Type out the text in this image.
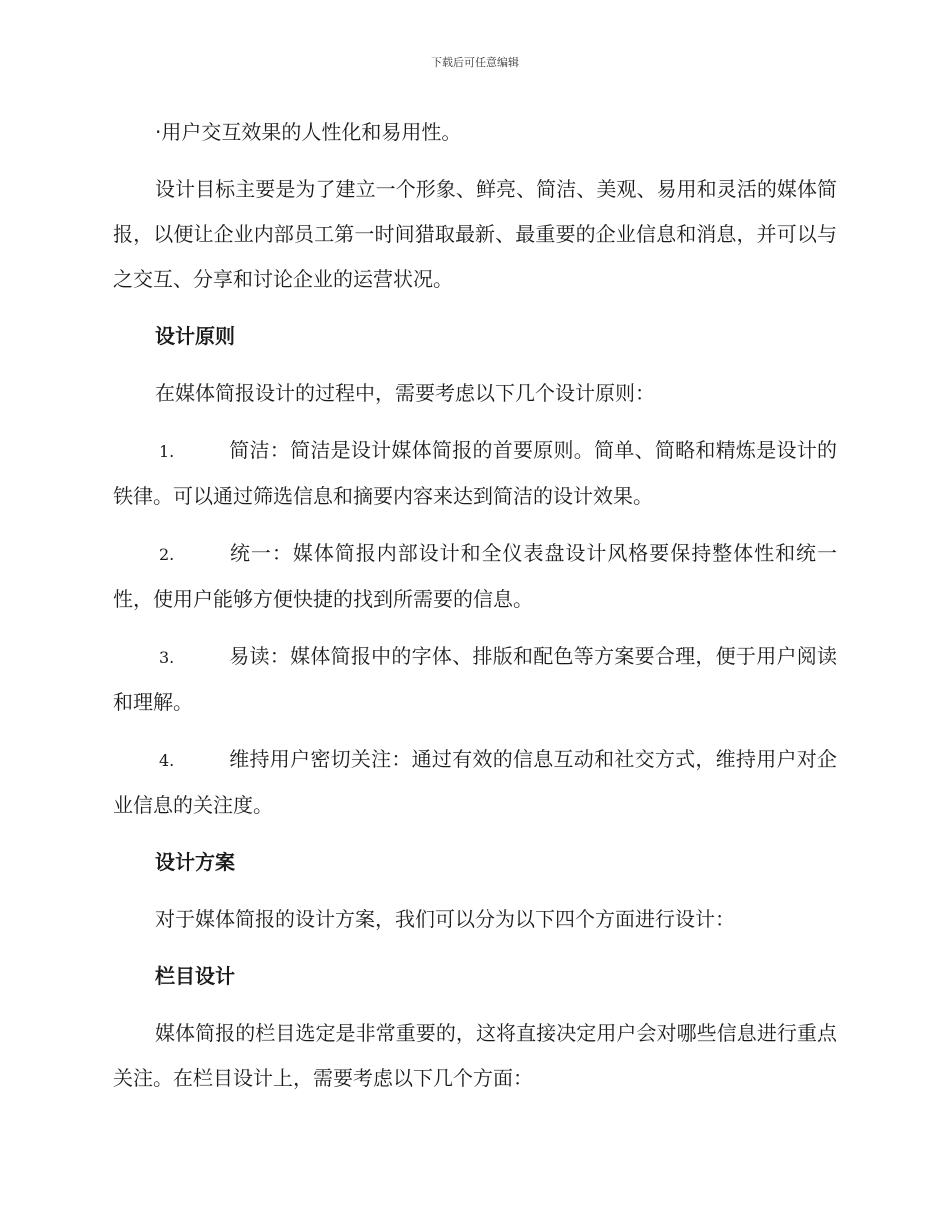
下载后可任意编辑

·用户交互效果的人性化和易用性。

设计目标主要是为了建立一个形象、鲜亮、简洁、美观、易用和灵活的媒体简报，以便让企业内部员工第一时间猎取最新、最重要的企业信息和消息，并可以与之交互、分享和讨论企业的运营状况。

设计原则

在媒体简报设计的过程中，需要考虑以下几个设计原则：

1.	简洁：简洁是设计媒体简报的首要原则。简单、简略和精炼是设计的铁律。可以通过筛选信息和摘要内容来达到简洁的设计效果。
2.	统一：媒体简报内部设计和全仪表盘设计风格要保持整体性和统一性，使用户能够方便快捷的找到所需要的信息。
3.	易读：媒体简报中的字体、排版和配色等方案要合理，便于用户阅读和理解。
4.	维持用户密切关注：通过有效的信息互动和社交方式，维持用户对企业信息的关注度。
设计方案

对于媒体简报的设计方案，我们可以分为以下四个方面进行设计：

栏目设计

媒体简报的栏目选定是非常重要的，这将直接决定用户会对哪些信息进行重点关注。在栏目设计上，需要考虑以下几个方面：
